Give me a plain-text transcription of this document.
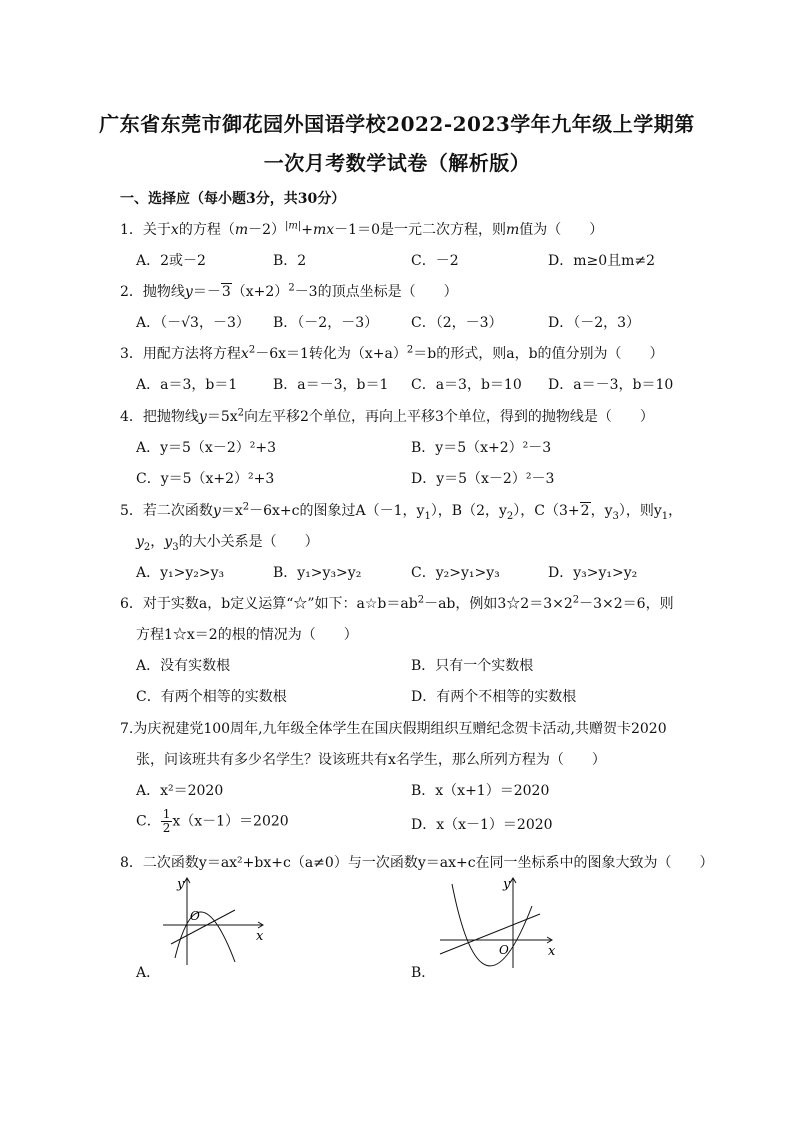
广东省东莞市御花园外国语学校2022-2023学年九年级上学期第
一次月考数学试卷（解析版）
一、选择应（每小题3分，共30分）
1．关于x的方程$(m-2)^{|m|}+mx-1=0$是一元二次方程，则m值为（　　）
A．2或－2	B．2	C．－2	D．m≥0且m≠2
2．抛物线$y=-3(x+2)^2-3$的顶点坐标是（　　）
A．（－√3，－3） B．（－2，－3） C．（2，－3）	D．（－2，3）
3．用配方法将方程$x^2-6x=1$转化为$(x+a)^2=b$的形式，则a，b的值分别为（　　）
A．a＝3，b＝1	B．a＝－3，b＝1 C．a＝3，b＝10 D．a＝－3，b＝10
4．把抛物线$y=5x^2$向左平移2个单位，再向上平移3个单位，得到的抛物线是（　　）
A．y＝5（x－2）²+3	B．y＝5（x+2）²－3
C．y＝5（x+2）²+3	D．y＝5（x－2）²－3
5．若二次函数$y=x^2-6x+c$的图象过A（－1，$y_1$），B（2，$y_2$），C（3+2，$y_3$），则$y_1$，
$y_2$，$y_3$的大小关系是（　　）
A．y₁>y₂>y₃	B．y₁>y₃>y₂	C．y₂>y₁>y₃	D．y₃>y₁>y₂
6．对于实数a，b定义运算“☆”如下：$a☆b=ab^2-ab$，例如$3☆2=3\times 2^2-3\times 2=6$，则
方程1☆x＝2的根的情况为（　　）
A．没有实数根	B．只有一个实数根
C．有两个相等的实数根	D．有两个不相等的实数根
7.为庆祝建党100周年,九年级全体学生在国庆假期组织互赠纪念贺卡活动,共赠贺卡2020
张，问该班共有多少名学生？设该班共有x名学生，那么所列方程为（　　）
A．x²＝2020	B．x（x+1）＝2020
C． $\frac{1}{2} x(x-1)=2020$	D．x（x－1）＝2020
8．二次函数y＝ax²+bx+c（a≠0）与一次函数y＝ax+c在同一坐标系中的图象大致为（　　）
y
x
O
A．
y
x
O
B．
